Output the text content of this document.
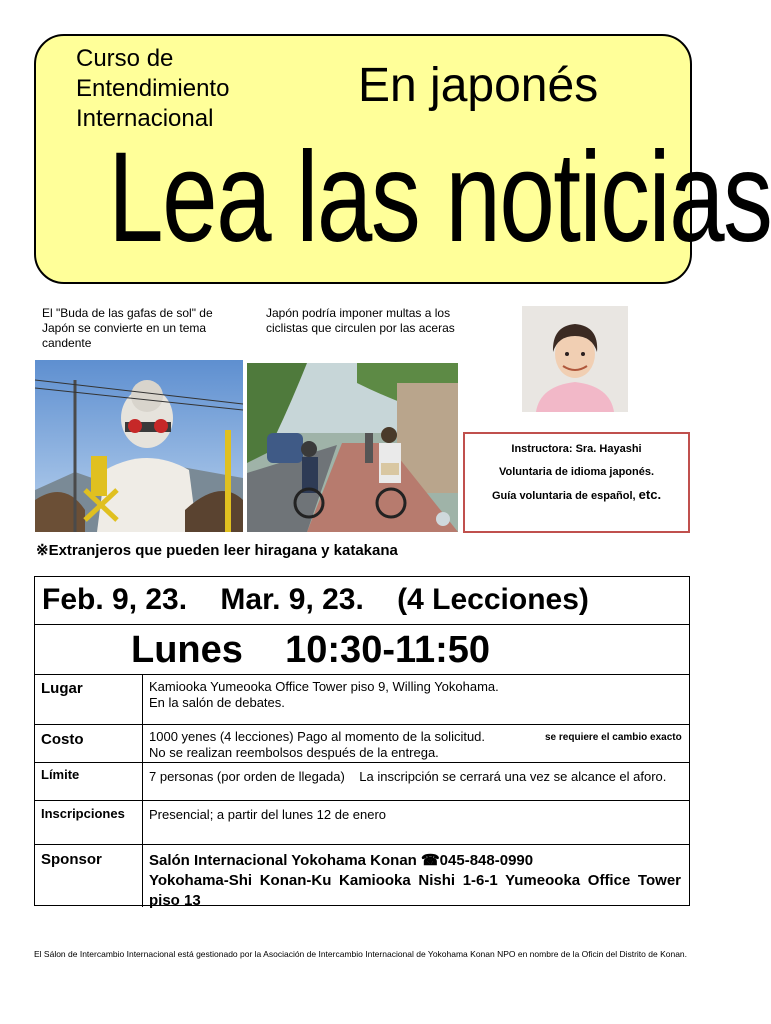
Curso de
Entendimiento
Internacional
En japonés
Lea las noticias
El "Buda de las gafas de sol" de Japón se convierte en un tema candente
Japón podría imponer multas a los ciclistas que circulen por las aceras

Instructora: Sra. Hayashi

Voluntaria de idioma japonés.

Guía voluntaria de español, etc.

※Extranjeros que pueden leer hiragana y katakana
Feb. 9, 23.    Mar. 9, 23.    (4 Lecciones)
Lunes    10:30-11:50
Lugar	Kamiooka Yumeooka Office Tower piso 9, Willing Yokohama.
En la salón de debates.
Costo	1000 yenes (4 lecciones) Pago al momento de la solicitud.
No se realizan reembolsos después de la entrega.
se requiere el cambio exacto
Límite	7 personas (por orden de llegada)    La inscripción se cerrará una vez se alcance el aforo.
Inscripciones	Presencial; a partir del lunes 12 de enero
Sponsor	Salón Internacional Yokohama Konan ☎045-848-0990
Yokohama-Shi Konan-Ku Kamiooka Nishi 1-6-1 Yumeooka Office Tower piso 13
El Sálon de Intercambio Internacional está gestionado por la Asociación de Intercambio Internacional de Yokohama Konan NPO en nombre de la Oficin del Distrito de Konan.
